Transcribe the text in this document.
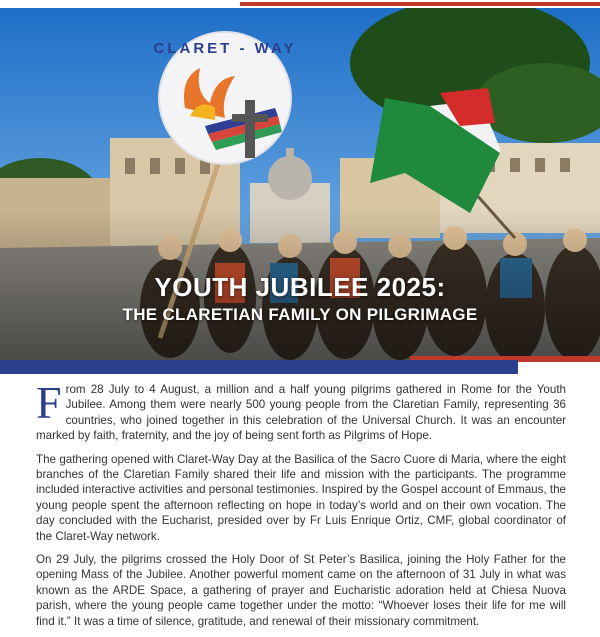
CLARET - WAY
YOUTH JUBILEE 2025:
THE CLARETIAN FAMILY ON PILGRIMAGE

From 28 July to 4 August, a million and a half young pilgrims gathered in Rome for the Youth Jubilee. Among them were nearly 500 young people from the Claretian Family, representing 36 countries, who joined together in this celebration of the Universal Church. It was an encounter marked by faith, fraternity, and the joy of being sent forth as Pilgrims of Hope.

The gathering opened with Claret-Way Day at the Basilica of the Sacro Cuore di Maria, where the eight branches of the Claretian Family shared their life and mission with the participants. The programme included interactive activities and personal testimonies. Inspired by the Gospel account of Emmaus, the young people spent the afternoon reflecting on hope in today’s world and on their own vocation. The day concluded with the Eucharist, presided over by Fr Luis Enrique Ortiz, CMF, global coordinator of the Claret-Way network.

On 29 July, the pilgrims crossed the Holy Door of St Peter’s Basilica, joining the Holy Father for the opening Mass of the Jubilee. Another powerful moment came on the afternoon of 31 July in what was known as the ARDE Space, a gathering of prayer and Eucharistic adoration held at Chiesa Nuova parish, where the young people came together under the motto: “Whoever loses their life for me will find it.” It was a time of silence, gratitude, and renewal of their missionary commitment.
